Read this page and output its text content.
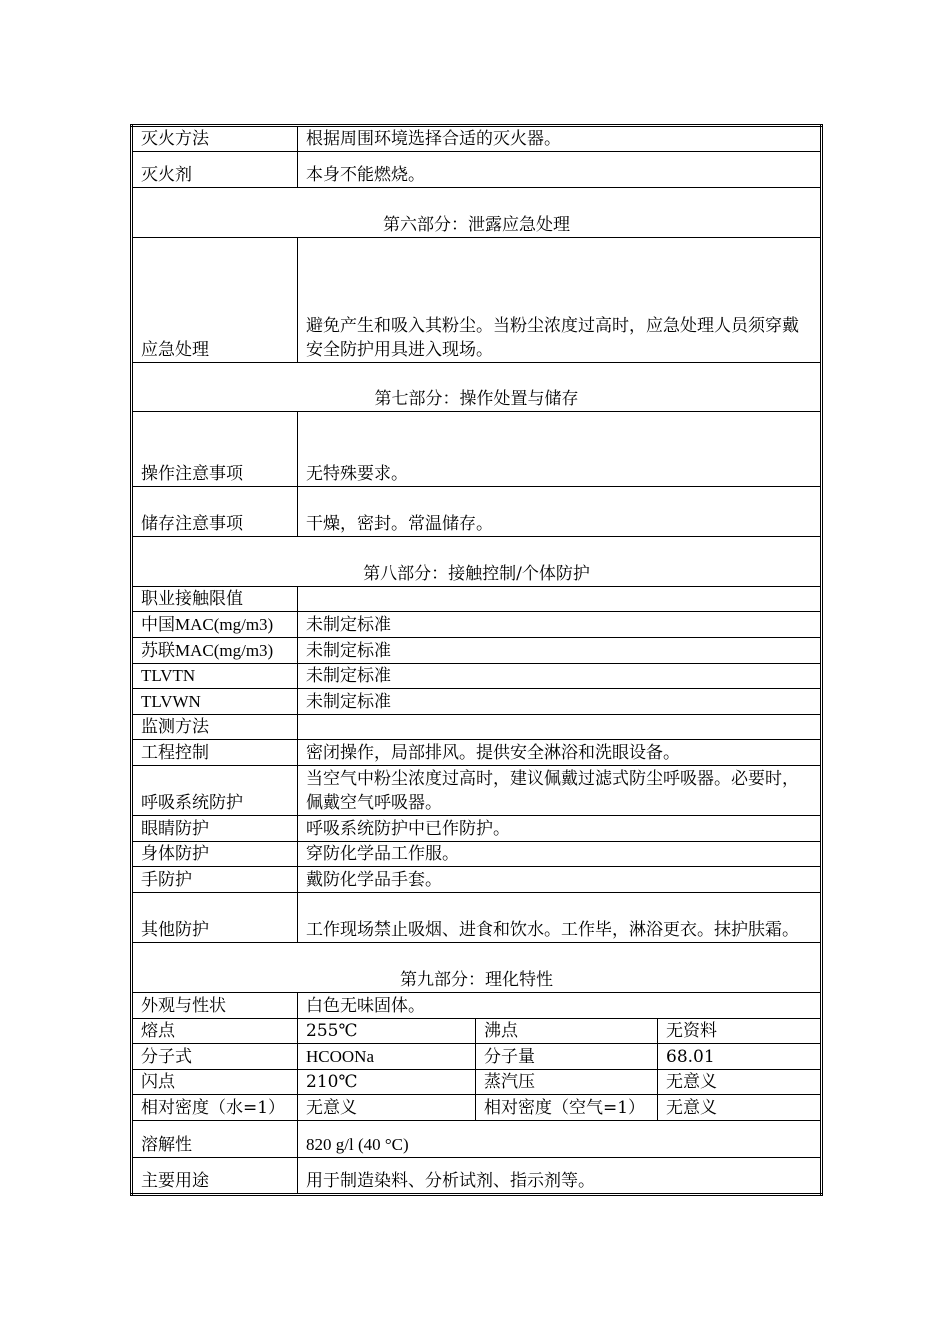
灭火方法	根据周围环境选择合适的灭火器。		
灭火剂	本身不能燃烧。		
第六部分：泄露应急处理			
应急处理	避免产生和吸入其粉尘。当粉尘浓度过高时，应急处理人员须穿戴安全防护用具进入现场。		
第七部分：操作处置与储存			
操作注意事项	无特殊要求。		
储存注意事项	干燥，密封。常温储存。		
第八部分：接触控制/个体防护			
职业接触限值			
中国MAC(mg/m3)	未制定标准		
苏联MAC(mg/m3)	未制定标准		
TLVTN	未制定标准		
TLVWN	未制定标准		
监测方法			
工程控制	密闭操作，局部排风。提供安全淋浴和洗眼设备。		
呼吸系统防护	当空气中粉尘浓度过高时，建议佩戴过滤式防尘呼吸器。必要时，佩戴空气呼吸器。		
眼睛防护	呼吸系统防护中已作防护。		
身体防护	穿防化学品工作服。		
手防护	戴防化学品手套。		
其他防护	工作现场禁止吸烟、进食和饮水。工作毕，淋浴更衣。抹护肤霜。		
第九部分：理化特性			
外观与性状	白色无味固体。		
熔点	255℃	沸点	无资料
分子式	HCOONa	分子量	68.01
闪点	210℃	蒸汽压	无意义
相对密度（水=1）	无意义	相对密度（空气=1）	无意义
溶解性	820 g/l (40 °C)		
主要用途	用于制造染料、分析试剂、指示剂等。		
